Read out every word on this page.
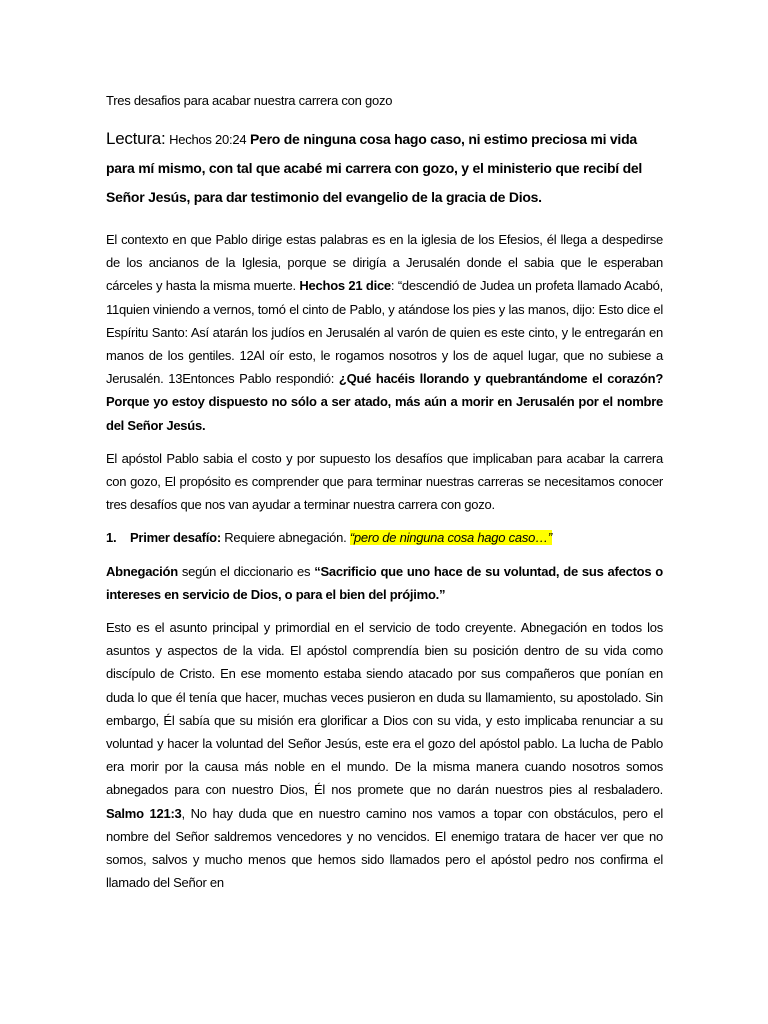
Tres desafios para acabar nuestra carrera con gozo
Lectura: Hechos 20:24 Pero de ninguna cosa hago caso, ni estimo preciosa mi vida para mí mismo, con tal que acabé mi carrera con gozo, y el ministerio que recibí del Señor Jesús, para dar testimonio del evangelio de la gracia de Dios.

El contexto en que Pablo dirige estas palabras es en la iglesia de los Efesios, él llega a despedirse de los ancianos de la Iglesia, porque se dirigía a Jerusalén donde el sabia que le esperaban cárceles y hasta la misma muerte. Hechos 21 dice: “descendió de Judea un profeta llamado Acabó, 11quien viniendo a vernos, tomó el cinto de Pablo, y atándose los pies y las manos, dijo: Esto dice el Espíritu Santo: Así atarán los judíos en Jerusalén al varón de quien es este cinto, y le entregarán en manos de los gentiles. 12Al oír esto, le rogamos nosotros y los de aquel lugar, que no subiese a Jerusalén. 13Entonces Pablo respondió: ¿Qué hacéis llorando y quebrantándome el corazón? Porque yo estoy dispuesto no sólo a ser atado, más aún a morir en Jerusalén por el nombre del Señor Jesús.

El apóstol Pablo sabia el costo y por supuesto los desafíos que implicaban para acabar la carrera con gozo, El propósito es comprender que para terminar nuestras carreras se necesitamos conocer tres desafíos que nos van ayudar a terminar nuestra carrera con gozo.

1. Primer desafío: Requiere abnegación. “pero de ninguna cosa hago caso…”

Abnegación según el diccionario es “Sacrificio que uno hace de su voluntad, de sus afectos o intereses en servicio de Dios, o para el bien del prójimo.”

Esto es el asunto principal y primordial en el servicio de todo creyente. Abnegación en todos los asuntos y aspectos de la vida. El apóstol comprendía bien su posición dentro de su vida como discípulo de Cristo. En ese momento estaba siendo atacado por sus compañeros que ponían en duda lo que él tenía que hacer, muchas veces pusieron en duda su llamamiento, su apostolado. Sin embargo, Él sabía que su misión era glorificar a Dios con su vida, y esto implicaba renunciar a su voluntad y hacer la voluntad del Señor Jesús, este era el gozo del apóstol pablo. La lucha de Pablo era morir por la causa más noble en el mundo. De la misma manera cuando nosotros somos abnegados para con nuestro Dios, Él nos promete que no darán nuestros pies al resbaladero. Salmo 121:3, No hay duda que en nuestro camino nos vamos a topar con obstáculos, pero el nombre del Señor saldremos vencedores y no vencidos. El enemigo tratara de hacer ver que no somos, salvos y mucho menos que hemos sido llamados pero el apóstol pedro nos confirma el llamado del Señor en
